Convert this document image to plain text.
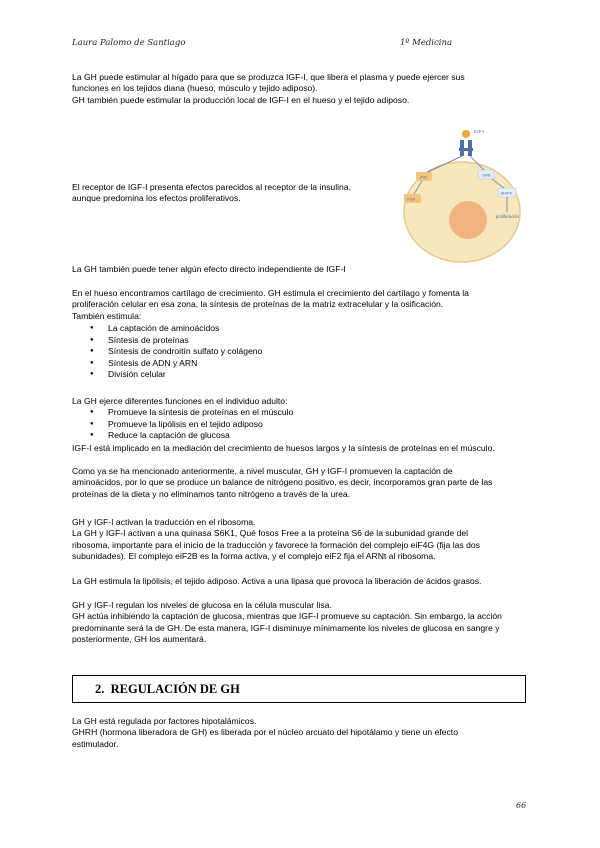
Laura Palomo de Santiago	1º Medicina
La GH puede estimular al hígado para que se produzca IGF-I, que libera el plasma y puede ejercer sus
funciones en los tejidos diana (hueso, músculo y tejido adiposo).
GH también puede estimular la producción local de IGF-I en el hueso y el tejido adiposo.
El receptor de IGF-I presenta efectos parecidos al receptor de la insulina,
aunque predomina los efectos proliferativos.
IGF-I
IRS	GRB
PI3K
MAPK
proliferación
La GH también puede tener algún efecto directo independiente de IGF-I
En el hueso encontramos cartílago de crecimiento. GH estimula el crecimiento del cartílago y fomenta la
proliferación celular en esa zona, la síntesis de proteínas de la matriz extracelular y la osificación.
También estimula:
● La captación de aminoácidos
● Síntesis de proteínas
● Síntesis de condroitín sulfato y colágeno
● Síntesis de ADN y ARN
● División celular
La GH ejerce diferentes funciones en el individuo adulto:
● Promueve la síntesis de proteínas en el músculo
● Promueve la lipólisis en el tejido adiposo
● Reduce la captación de glucosa
IGF-I está implicado en la mediación del crecimiento de huesos largos y la síntesis de proteínas en el músculo.
Como ya se ha mencionado anteriormente, a nivel muscular, GH y IGF-I promueven la captación de
aminoácidos, por lo que se produce un balance de nitrógeno positivo, es decir, incorporamos gran parte de las
proteínas de la dieta y no eliminamos tanto nitrógeno a través de la urea.
GH y IGF-I activan la traducción en el ribosoma.
La GH y IGF-I activan a una quinasa S6K1, Qué fosos Free a la proteína S6 de la subunidad grande del
ribosoma, importante para el inicio de la traducción y favorece la formación del complejo eiF4G (fija las dos
subunidades). El complejo eiF2B es la forma activa, y el complejo eiF2 fija el ARNt al ribosoma.
La GH estimula la lipólisis, el tejido adiposo. Activa a una lipasa que provoca la liberación de ácidos grasos.
GH y IGF-I regulan los niveles de glucosa en la célula muscular lisa.
GH actúa inhibiendo la captación de glucosa, mientras que IGF-I promueve su captación. Sin embargo, la acción
predominante será la de GH. De esta manera, IGF-I disminuye mínimamente los niveles de glucosa en sangre y
posteriormente, GH los aumentará.
2. REGULACIÓN DE GH
La GH está regulada por factores hipotalámicos.
GHRH (hormona liberadora de GH) es liberada por el núcleo arcuato del hipotálamo y tiene un efecto
estimulador.
66
